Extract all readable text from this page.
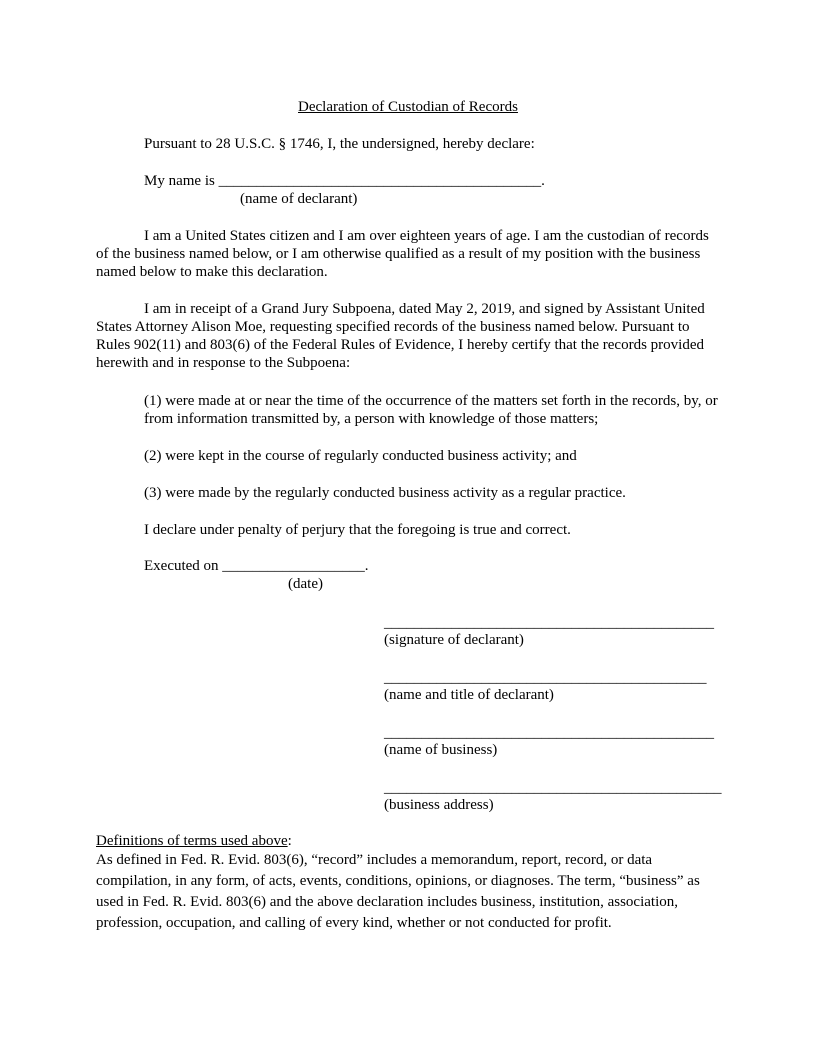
Declaration of Custodian of Records
Pursuant to 28 U.S.C. § 1746, I, the undersigned, hereby declare:
My name is ___________________________________________.
(name of declarant)
I am a United States citizen and I am over eighteen years of age. I am the custodian of records of the business named below, or I am otherwise qualified as a result of my position with the business named below to make this declaration.
I am in receipt of a Grand Jury Subpoena, dated May 2, 2019, and signed by Assistant United States Attorney Alison Moe, requesting specified records of the business named below. Pursuant to Rules 902(11) and 803(6) of the Federal Rules of Evidence, I hereby certify that the records provided herewith and in response to the Subpoena:
(1) were made at or near the time of the occurrence of the matters set forth in the records, by, or from information transmitted by, a person with knowledge of those matters;
(2) were kept in the course of regularly conducted business activity; and
(3) were made by the regularly conducted business activity as a regular practice.
I declare under penalty of perjury that the foregoing is true and correct.
Executed on ___________________.
(date)
____________________________________________
(signature of declarant)
___________________________________________
(name and title of declarant)
____________________________________________
(name of business)
_____________________________________________
(business address)
Definitions of terms used above:
As defined in Fed. R. Evid. 803(6), “record” includes a memorandum, report, record, or data compilation, in any form, of acts, events, conditions, opinions, or diagnoses. The term, “business” as used in Fed. R. Evid. 803(6) and the above declaration includes business, institution, association, profession, occupation, and calling of every kind, whether or not conducted for profit.
